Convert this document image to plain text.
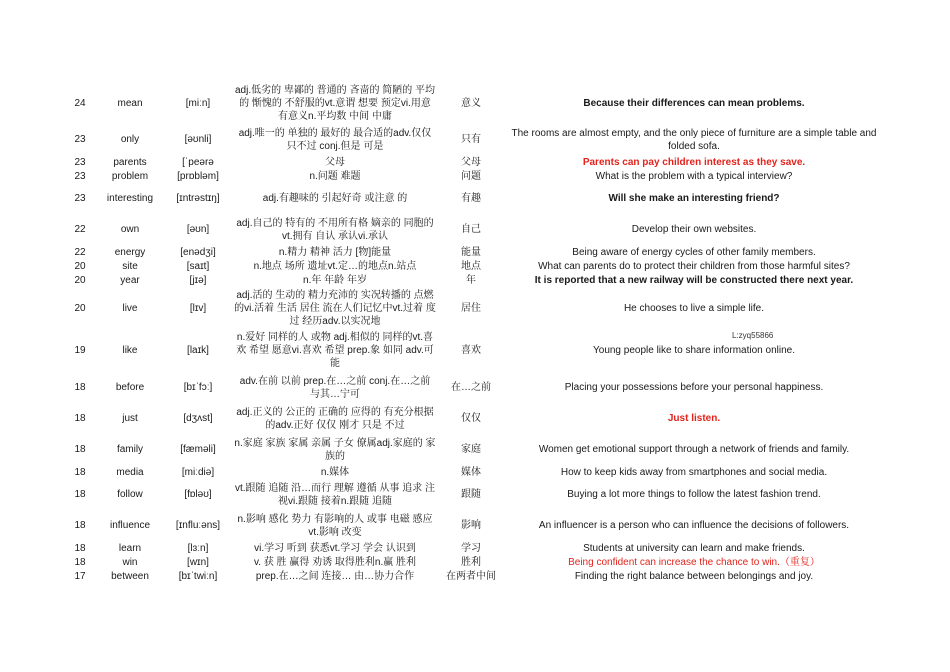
24	mean	[miːn]	adj.低劣的 卑鄙的 普通的 吝啬的 简陋的 平均的 惭愧的 不舒服的vt.意谓 想要 预定vi.用意 有意义n.平均数 中间 中庸	意义	Because their differences can mean problems.
23	only	[əʊnli]	adj.唯一的 单独的 最好的 最合适的adv.仅仅 只不过 conj.但是 可是	只有	The rooms are almost empty, and the only piece of furniture are a simple table and folded sofa.
23	parents	[ˈpeərə	父母	父母	Parents can pay children interest as they save.
23	problem	[prɒbləm]	n.问题 难题	问题	What is the problem with a typical interview?
23	interesting	[ɪntrəstɪŋ]	adj.有趣味的 引起好奇 或注意 的	有趣	Will she make an interesting friend?
22	own	[əʊn]	adj.自己的 特有的 不用所有格 嫡亲的 同胞的vt.拥有 自认 承认vi.承认	自己	Develop their own websites.
22	energy	[enədʒi]	n.精力 精神 活力 [物]能量	能量	Being aware of energy cycles of other family members.
20	site	[saɪt]	n.地点 场所 遗址vt.定…的地点n.站点	地点	What can parents do to protect their children from those harmful sites?
20	year	[jɪə]	n.年 年龄 年岁	年	It is reported that a new railway will be constructed there next year.
20	live	[lɪv]	adj.活的 生动的 精力充沛的 实况转播的 点燃的vi.活着 生活 居住 流在人们记忆中vt.过着 度过 经历adv.以实况地	居住	He chooses to live a simple life.
19	like	[laɪk]	n.爱好 同样的人 或物 adj.相似的 同样的vt.喜欢 希望 愿意vi.喜欢 希望 prep.象 如同 adv.可能	喜欢	Young people like to share information online.
18	before	[bɪˈfɔː]	adv.在前 以前 prep.在…之前 conj.在…之前 与其…宁可	在…之前	Placing your possessions before your personal happiness.
18	just	[dʒʌst]	adj.正义的 公正的 正确的 应得的 有充分根据的adv.正好 仅仅 刚才 只是 不过	仅仅	Just listen.
18	family	[fæməli]	n.家庭 家族 家属 亲属 子女 僚属adj.家庭的 家族的	家庭	Women get emotional support through a network of friends and family.
18	media	[miːdiə]	n.媒体	媒体	How to keep kids away from smartphones and social media.
18	follow	[fɒləʊ]	vt.跟随 追随 沿…而行 理解 遵循 从事 追求 注视vi.跟随 接着n.跟随 追随	跟随	Buying a lot more things to follow the latest fashion trend.
18	influence	[ɪnfluːəns]	n.影响 感化 势力 有影响的人 或事 电磁 感应vt.影响 改变	影响	An influencer is a person who can influence the decisions of followers.
18	learn	[lɜːn]	vi.学习 听到 获悉vt.学习 学会 认识到	学习	Students at university can learn and make friends.
18	win	[wɪn]	v. 获 胜 赢得 劝诱 取得胜利n.赢 胜利	胜利	Being confident can increase the chance to win.（重复）
17	between	[bɪˈtwiːn]	prep.在…之间 连接… 由…协力合作	在两者中间	Finding the right balance between belongings and joy.
L:zyq55866
